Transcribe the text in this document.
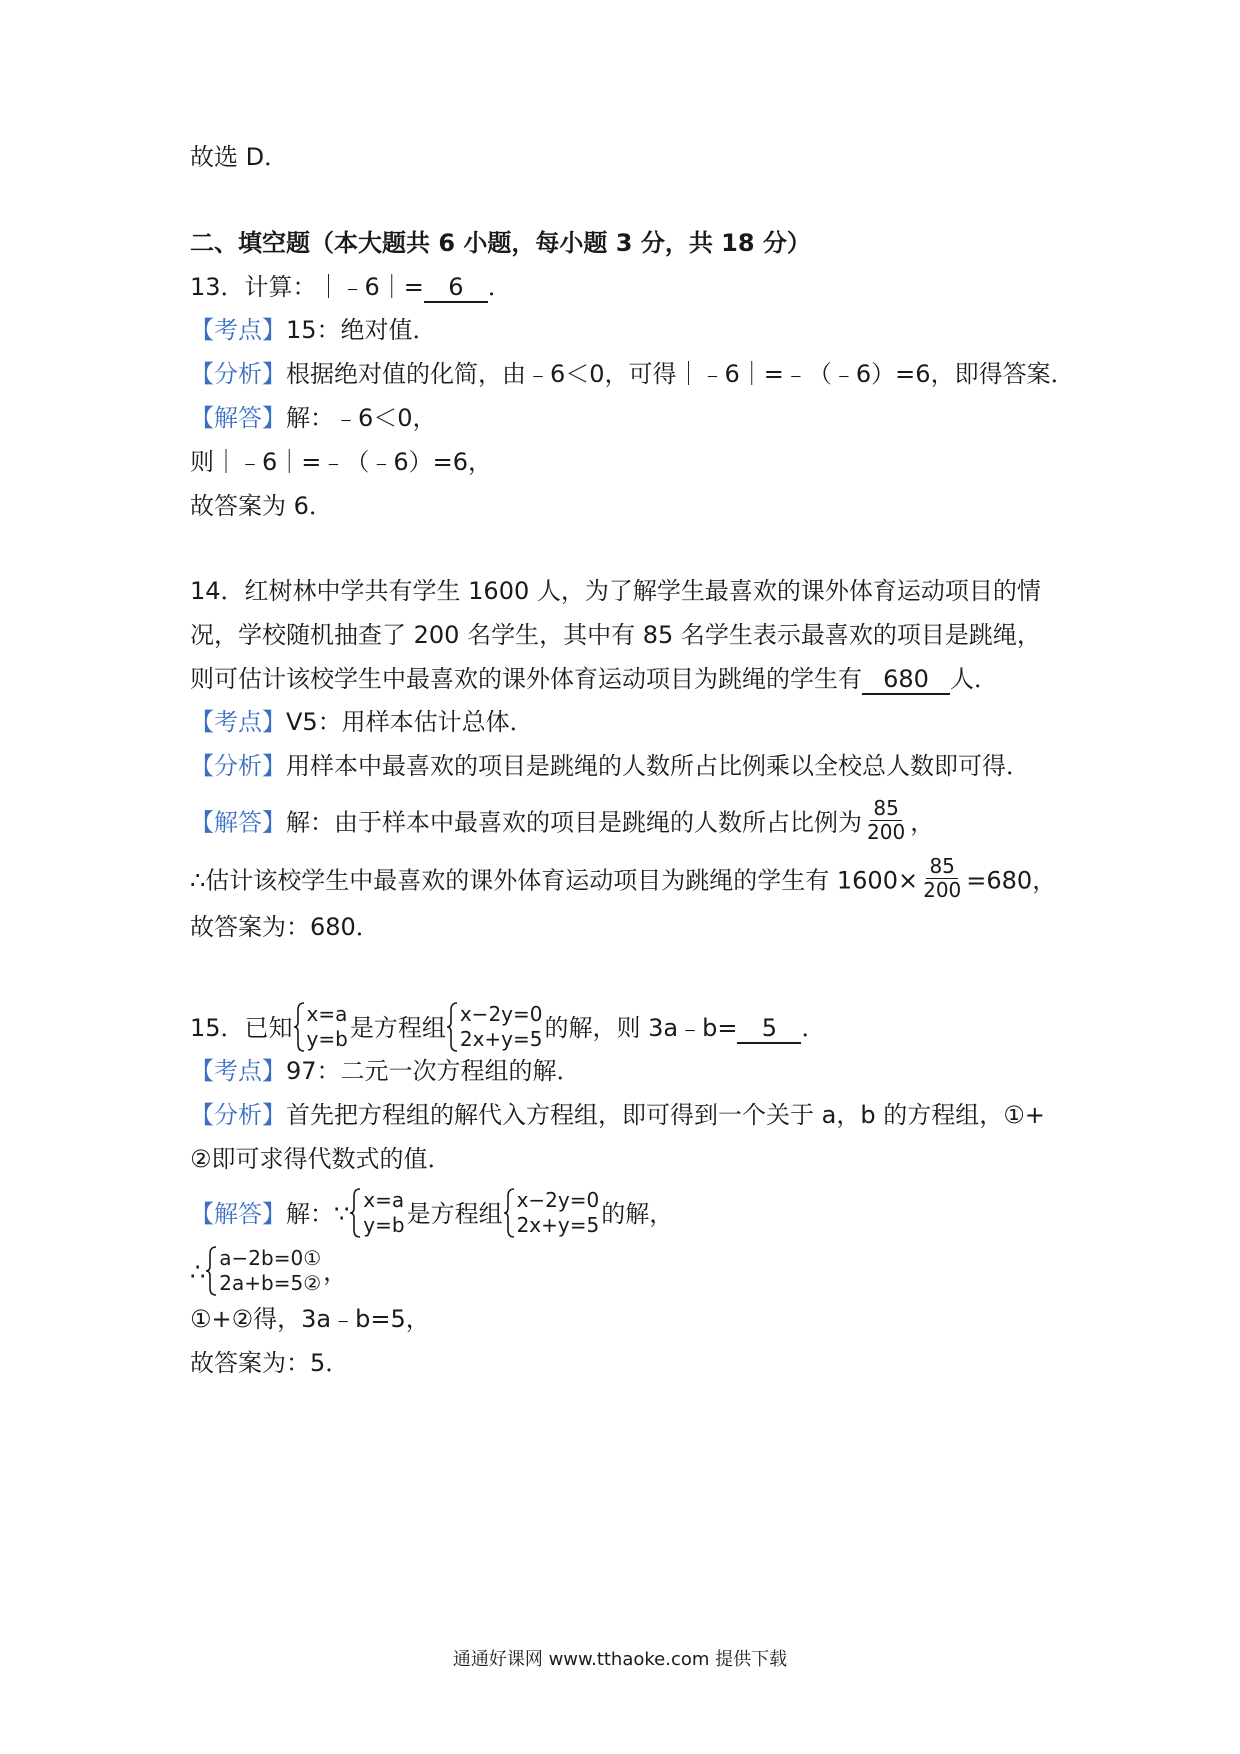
故选 D．
二、填空题（本大题共 6 小题，每小题 3 分，共 18 分）
13．计算：｜﹣6｜= 6 ．
【考点】15：绝对值．
【分析】根据绝对值的化简，由﹣6＜0，可得｜﹣6｜=﹣（﹣6）=6，即得答案．
【解答】解：﹣6＜0，
则｜﹣6｜=﹣（﹣6）=6，
故答案为 6．
14．红树林中学共有学生 1600 人，为了解学生最喜欢的课外体育运动项目的情
况，学校随机抽查了 200 名学生，其中有 85 名学生表示最喜欢的项目是跳绳，
则可估计该校学生中最喜欢的课外体育运动项目为跳绳的学生有 680 人．
【考点】V5：用样本估计总体．
【分析】用样本中最喜欢的项目是跳绳的人数所占比例乘以全校总人数即可得．
【解答】解：由于样本中最喜欢的项目是跳绳的人数所占比例为 $\frac{85}{200}$ ，
∴估计该校学生中最喜欢的课外体育运动项目为跳绳的学生有 $1600\times \frac{85}{200} =680$，
故答案为：680．
15．已知 x=a
y=b 是方程组 x−2y=0
2x+y=5 的解，则 3a﹣b= 5 ．
【考点】97：二元一次方程组的解．
【分析】首先把方程组的解代入方程组，即可得到一个关于 a，b 的方程组，①+
②即可求得代数式的值．
【解答】解：∵ x=a
y=b 是方程组 x−2y=0
2x+y=5 的解，
∴ a−2b=0①
2a+b=5② ，
①+②得，3a﹣b=5，
故答案为：5．
通通好课网 www.tthaoke.com 提供下载
